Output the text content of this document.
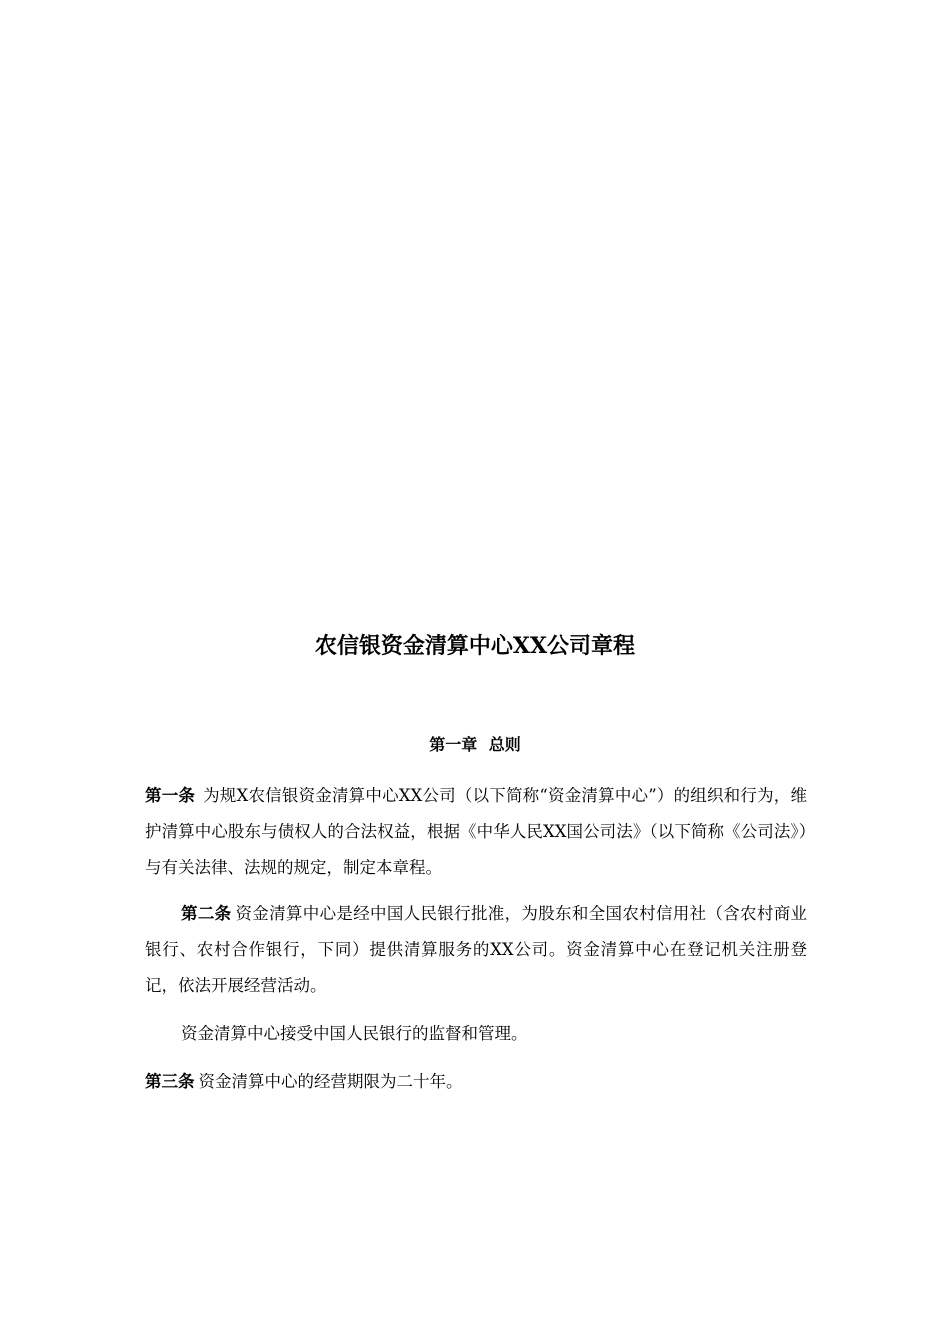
农信银资金清算中心XX公司章程
第一章 总则

第一条 为规X农信银资金清算中心XX公司（以下简称“资金清算中心”）的组织和行为，维护清算中心股东与债权人的合法权益，根据《中华人民XX国公司法》（以下简称《公司法》）与有关法律、法规的规定，制定本章程。

第二条 资金清算中心是经中国人民银行批准，为股东和全国农村信用社（含农村商业银行、农村合作银行，下同）提供清算服务的XX公司。资金清算中心在登记机关注册登记，依法开展经营活动。

资金清算中心接受中国人民银行的监督和管理。

第三条 资金清算中心的经营期限为二十年。
